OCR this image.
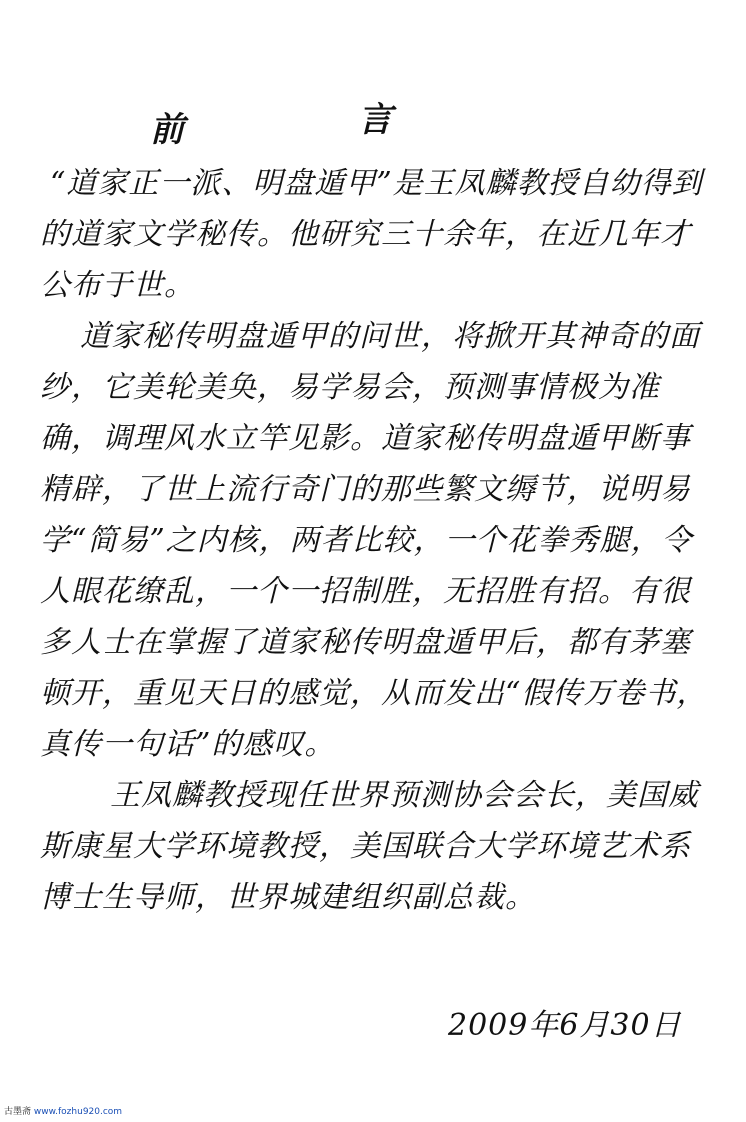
前	言

“道家正一派、明盘遁甲”是王凤麟教授自幼得到的道家文学秘传。他研究三十余年，在近几年才公布于世。

道家秘传明盘遁甲的问世，将掀开其神奇的面纱，它美轮美奂，易学易会，预测事情极为准确，调理风水立竿见影。道家秘传明盘遁甲断事精辟，了世上流行奇门的那些繁文缛节，说明易学“简易”之内核，两者比较，一个花拳秀腿，令人眼花缭乱，一个一招制胜，无招胜有招。有很多人士在掌握了道家秘传明盘遁甲后，都有茅塞顿开，重见天日的感觉，从而发出“假传万卷书，真传一句话”的感叹。

王凤麟教授现任世界预测协会会长，美国威斯康星大学环境教授，美国联合大学环境艺术系博士生导师，世界城建组织副总裁。

2009年6月30日
古墨斋 www.fozhu920.com
